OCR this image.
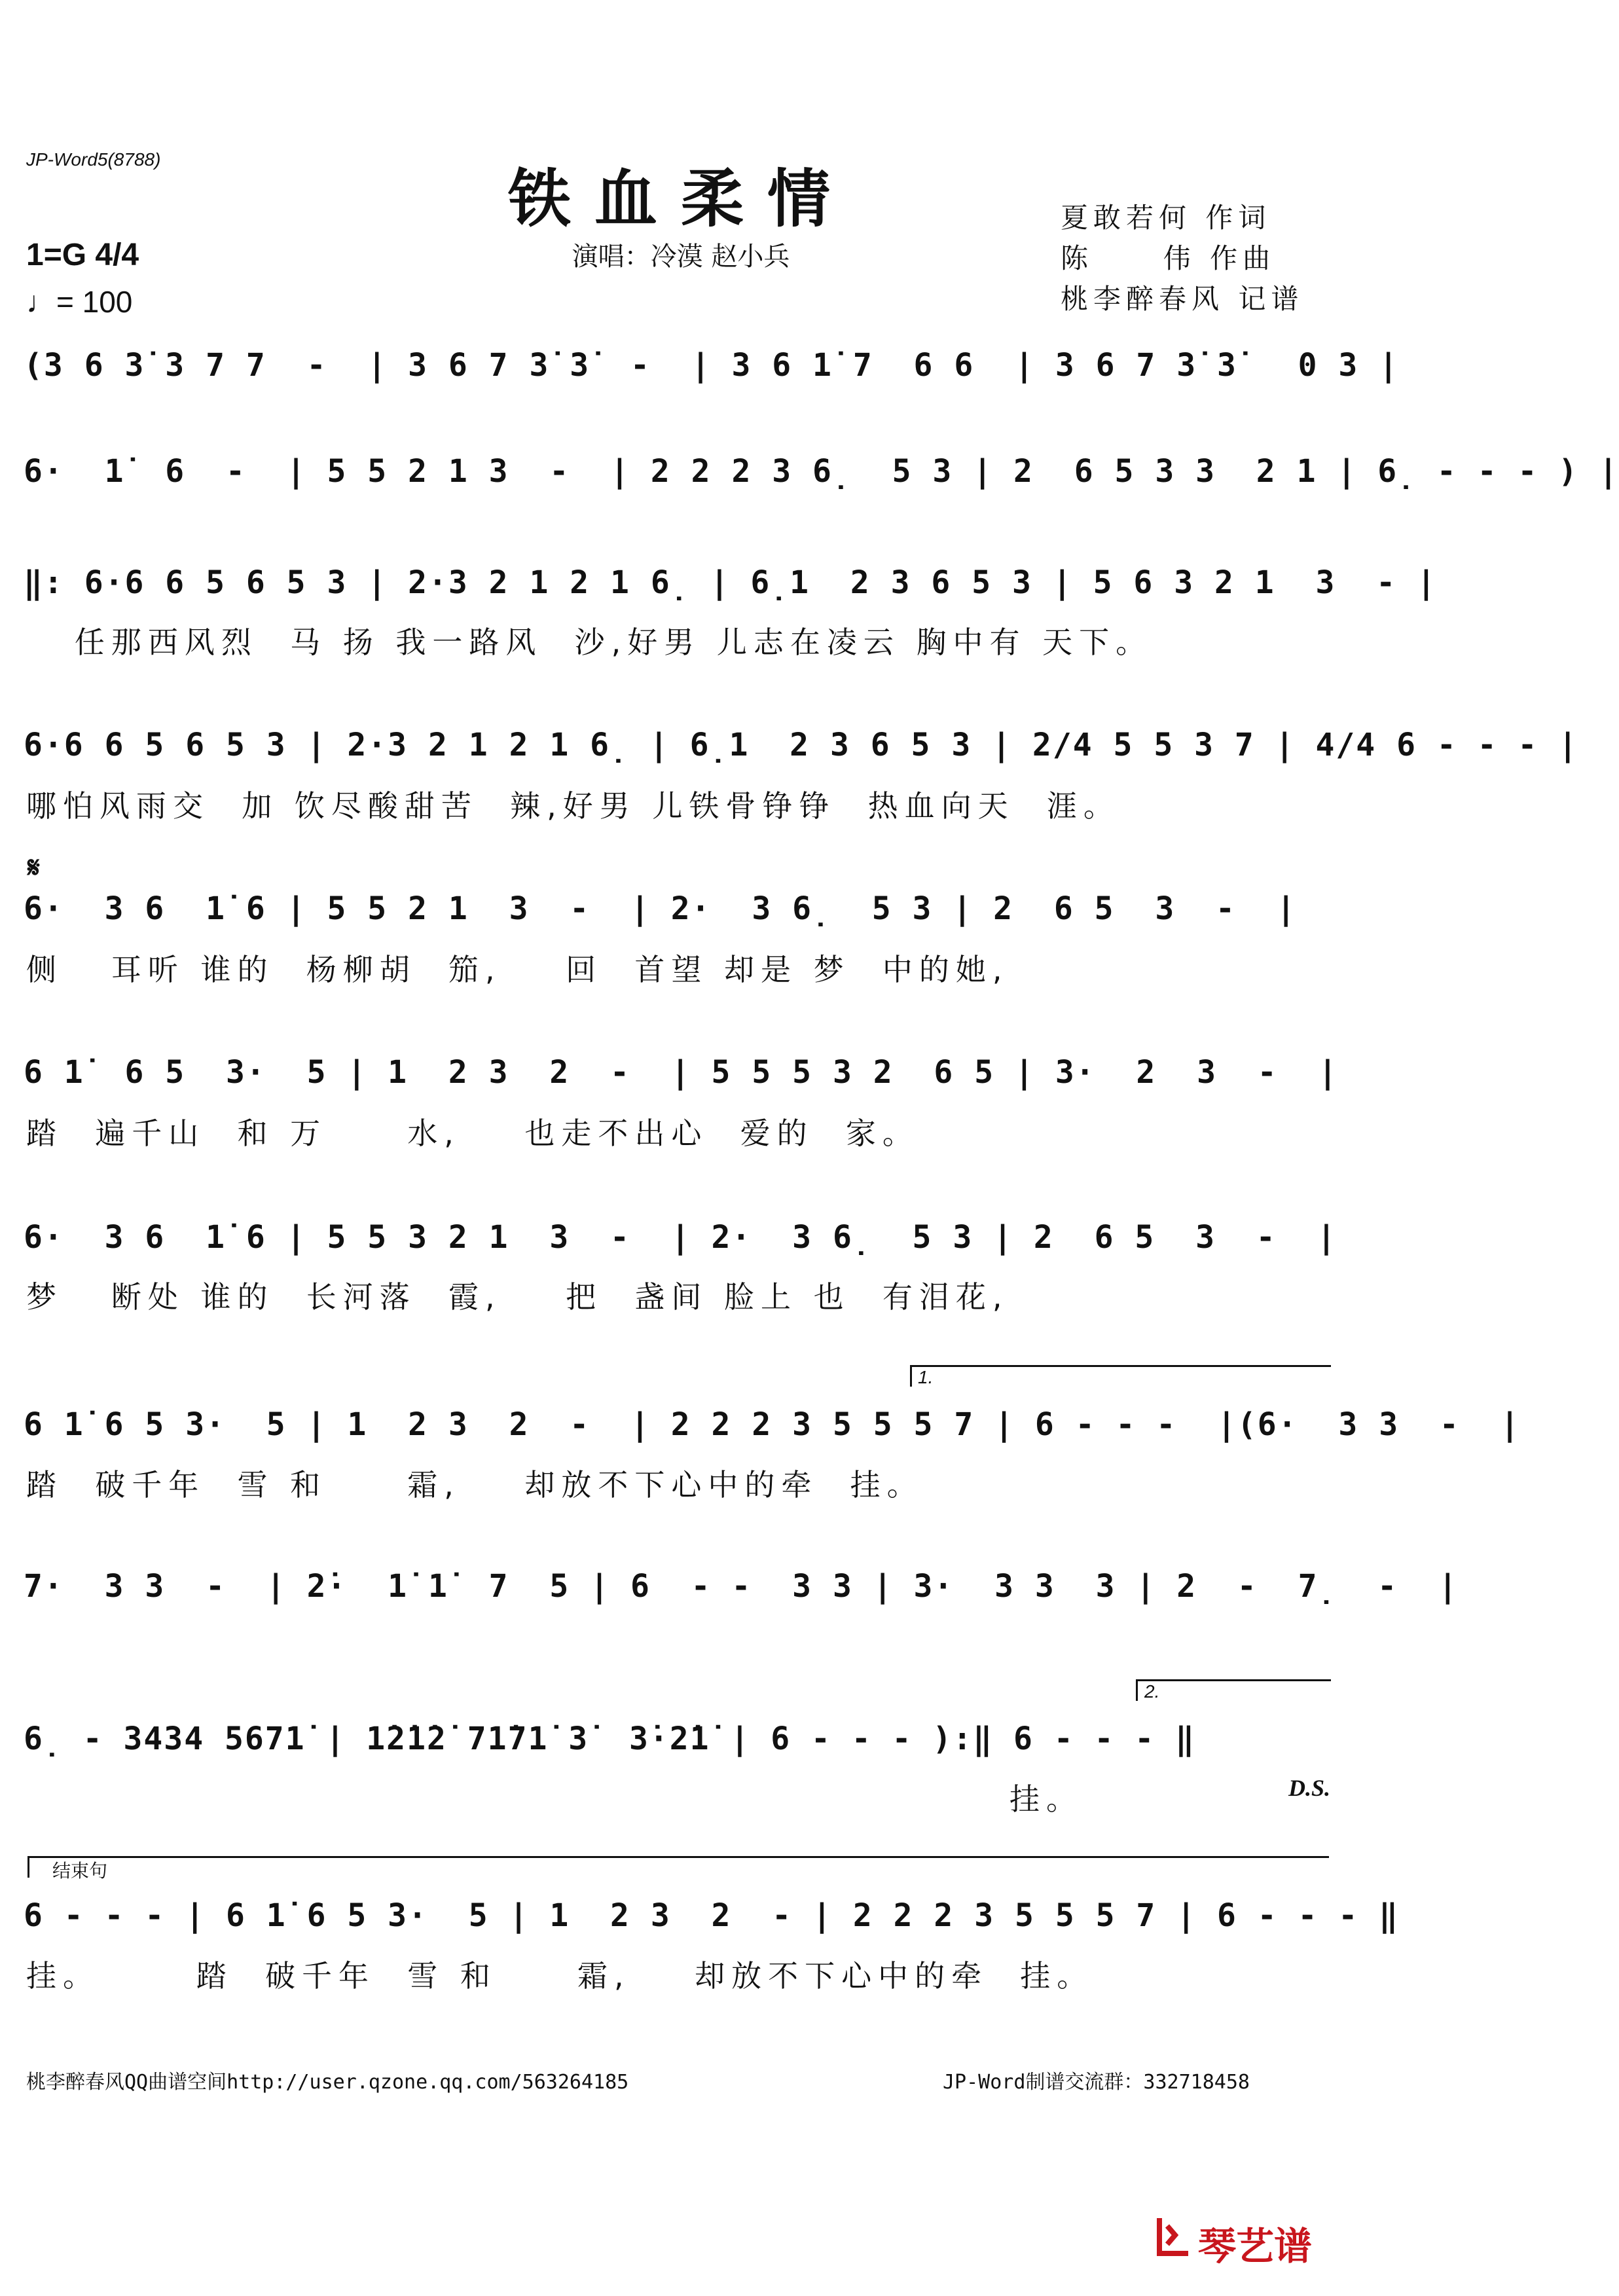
JP-Word5(8788)
铁血柔情
演唱：冷漠 赵小兵
1=G 4/4
♩= 100
夏敢若何 作词
陈     伟 作曲
桃李醉春风 记谱
(3 6 3̇ 3 7 7  -  | 3 6 7 3̇ 3̇  -  | 3 6 1̇ 7  6 6  | 3 6 7 3̇ 3̇   0 3 |
6·  1̇  6  -  | 5 5 2 1 3  -  | 2 2 2 3 6̣  5 3 | 2  6 5 3 3  2 1 | 6̣ - - - ) |
‖: 6·6 6 5 6 5 3 | 2·3 2 1 2 1 6̣ | 6̣1  2 3 6 5 3 | 5 6 3 2 1  3  - |
任那西风烈  马 扬 我一路风  沙,好男 儿志在凌云 胸中有 天下。
6·6 6 5 6 5 3 | 2·3 2 1 2 1 6̣ | 6̣1  2 3 6 5 3 | 2/4 5 5 3 7 | 4/4 6 - - - |
哪怕风雨交  加 饮尽酸甜苦  辣,好男 儿铁骨铮铮  热血向天  涯。
𝄋
6·  3 6  1̇ 6 | 5 5 2 1  3  -  | 2·  3 6̣  5 3 | 2  6 5  3  -  |
侧   耳听 谁的  杨柳胡  笳,    回  首望 却是 梦  中的她,
6 1̇  6 5  3·  5 | 1  2 3  2  -  | 5 5 5 3 2  6 5 | 3·  2  3  -  |
踏  遍千山  和 万     水,    也走不出心  爱的  家。
6·  3 6  1̇ 6 | 5 5 3 2 1  3  -  | 2·  3 6̣  5 3 | 2  6 5  3  -  |
梦   断处 谁的  长河落  霞,    把  盏间 脸上 也  有泪花,
1.
6 1̇ 6 5 3·  5 | 1  2 3  2  -  | 2 2 2 3 5 5 5 7 | 6 - - -  |(6·  3 3  -  |
踏  破千年  雪 和     霜,    却放不下心中的牵  挂。
7·  3 3  -  | 2̇·  1̇ 1̇  7  5 | 6  - -  3 3 | 3·  3 3  3 | 2  -  7̣  -  |
2.
6̣ - 3434 5671̇ | 1̇2̇1̇2̇ 71̇71̇ 3̇  3̇·2̇1̇ | 6 - - - ):‖ 6 - - - ‖
挂。	D.S.
结束句
6 - - - | 6 1̇ 6 5 3·  5 | 1  2 3  2  - | 2 2 2 3 5 5 5 7 | 6 - - - ‖
挂。      踏  破千年  雪 和     霜,    却放不下心中的牵  挂。
桃李醉春风QQ曲谱空间http://user.qzone.qq.com/563264185	JP-Word制谱交流群：332718458
琴艺谱
